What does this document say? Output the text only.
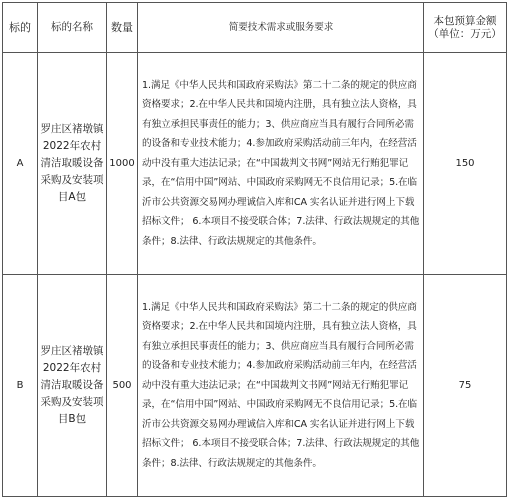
标的	标的名称	数量	简要技术需求或服务要求	本包预算金额（单位：万元）
A	罗庄区褚墩镇2022年农村清洁取暖设备采购及安装项目A包	1000	1.满足《中华人民共和国政府采购法》第二十二条的规定的供应商资格要求；2.在中华人民共和国境内注册，具有独立法人资格，具有独立承担民事责任的能力；3、供应商应当具有履行合同所必需的设备和专业技术能力；4.参加政府采购活动前三年内，在经营活动中没有重大违法记录；在“中国裁判文书网”网站无行贿犯罪记录，在“信用中国”网站、中国政府采购网无不良信用记录；5.在临沂市公共资源交易网办理诚信入库和CA 实名认证并进行网上下载招标文件； 6.本项目不接受联合体；7.法律、行政法规规定的其他条件；8.法律、行政法规规定的其他条件。	150
B	罗庄区褚墩镇2022年农村清洁取暖设备采购及安装项目B包	500	1.满足《中华人民共和国政府采购法》第二十二条的规定的供应商资格要求；2.在中华人民共和国境内注册，具有独立法人资格，具有独立承担民事责任的能力；3、供应商应当具有履行合同所必需的设备和专业技术能力；4.参加政府采购活动前三年内，在经营活动中没有重大违法记录；在“中国裁判文书网”网站无行贿犯罪记录，在“信用中国”网站、中国政府采购网无不良信用记录；5.在临沂市公共资源交易网办理诚信入库和CA 实名认证并进行网上下载招标文件； 6.本项目不接受联合体；7.法律、行政法规规定的其他条件；8.法律、行政法规规定的其他条件。	75
